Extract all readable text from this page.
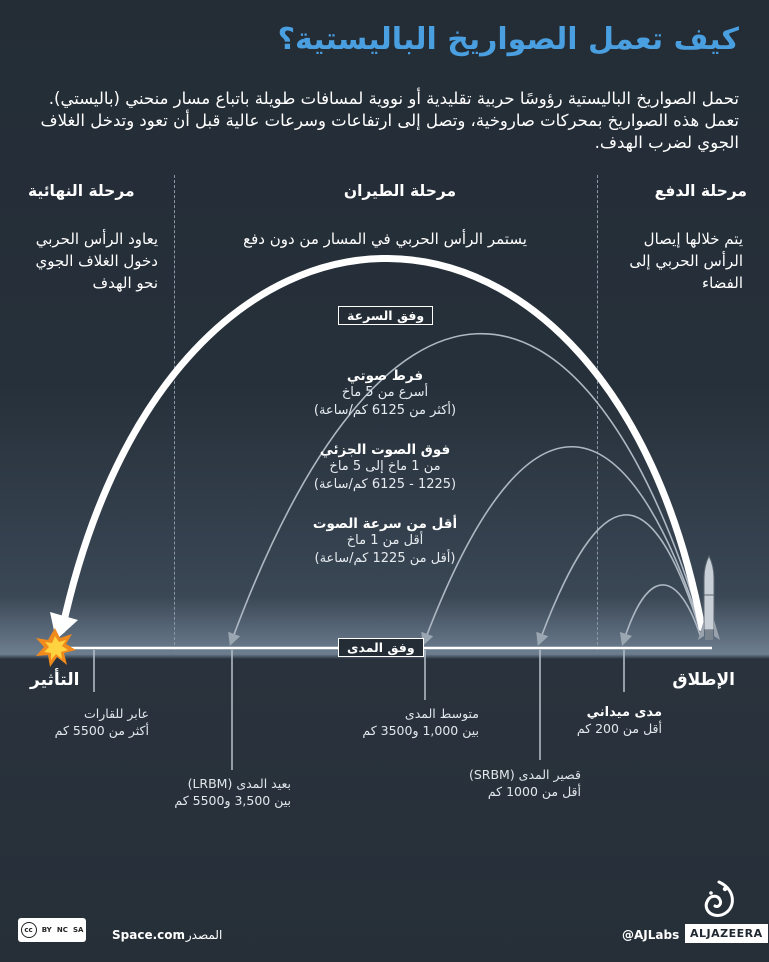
كيف تعمل الصواريخ الباليستية؟
تحمل الصواريخ الباليستية رؤوسًا حربية تقليدية أو نووية لمسافات طويلة باتباع مسار منحني (باليستي). تعمل هذه الصواريخ بمحركات صاروخية، وتصل إلى ارتفاعات وسرعات عالية قبل أن تعود وتدخل الغلاف الجوي لضرب الهدف.
مرحلة الدفع
مرحلة الطيران
مرحلة النهائية
يتم خلالها إيصال الرأس الحربي إلى الفضاء
يستمر الرأس الحربي في المسار من دون دفع
يعاود الرأس الحربي دخول الغلاف الجوي نحو الهدف
وفق السرعة
وفق المدى
فرط صوتي
أسرع من 5 ماخ
(أكثر من 6125 كم/ساعة)
فوق الصوت الجزئي
من 1 ماخ إلى 5 ماخ
(1225 - 6125 كم/ساعة)
أقل من سرعة الصوت
أقل من 1 ماخ
(أقل من 1225 كم/ساعة)
الإطلاق
التأثير
مدى ميداني
أقل من 200 كم
قصير المدى (SRBM)
أقل من 1000 كم
متوسط المدى
بين 1,000 و3500 كم
بعيد المدى (LRBM)
بين 3,500 و5500 كم
عابر للقارات
أكثر من 5500 كم
cc	BY NC SA Space.com
المصدر :	@AJLabs ALJAZEERA
